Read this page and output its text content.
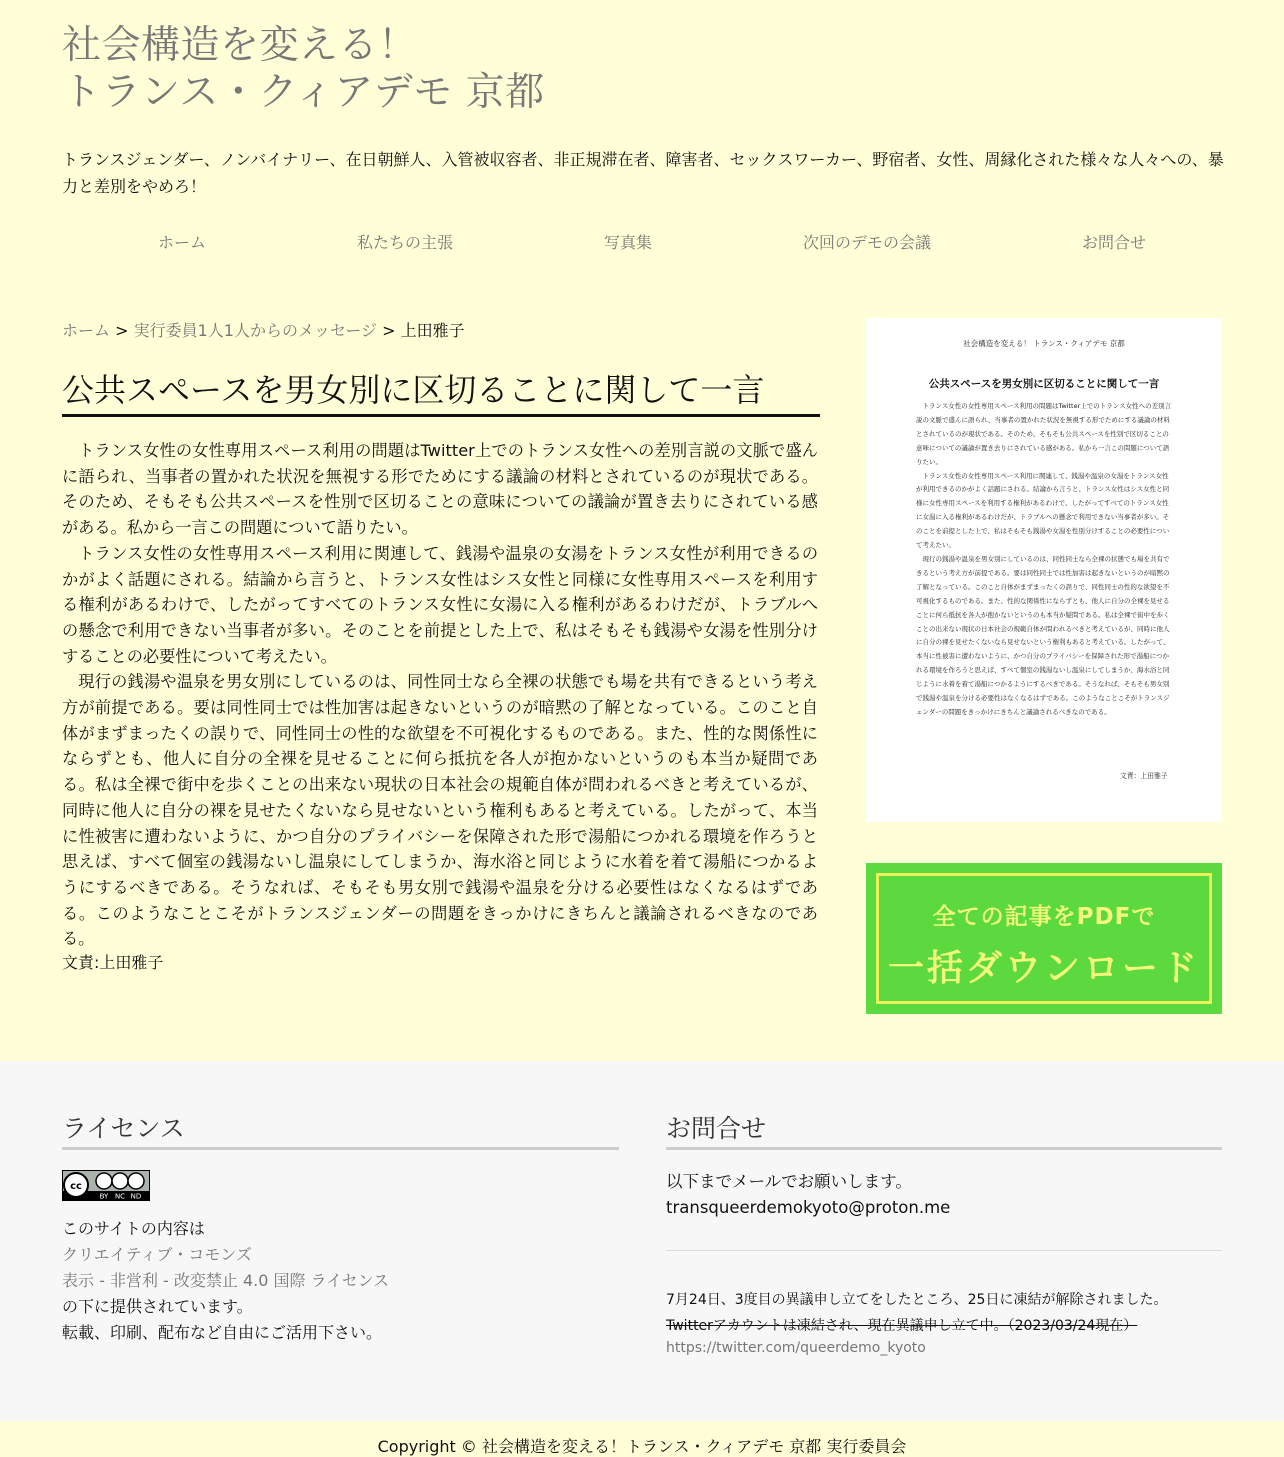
社会構造を変える！
トランス・クィアデモ 京都
トランスジェンダー、ノンバイナリー、在日朝鮮人、入管被収容者、非正規滞在者、障害者、セックスワーカー、野宿者、女性、周縁化された様々な人々への、暴力と差別をやめろ！
ホーム	私たちの主張	写真集	次回のデモの会議	お問合せ
ホーム > 実行委員1人1人からのメッセージ > 上田雅子
公共スペースを男女別に区切ることに関して一言

トランス女性の女性専用スペース利用の問題はTwitter上でのトランス女性への差別言説の文脈で盛んに語られ、当事者の置かれた状況を無視する形でためにする議論の材料とされているのが現状である。そのため、そもそも公共スペースを性別で区切ることの意味についての議論が置き去りにされている感がある。私から一言この問題について語りたい。

トランス女性の女性専用スペース利用に関連して、銭湯や温泉の女湯をトランス女性が利用できるのかがよく話題にされる。結論から言うと、トランス女性はシス女性と同様に女性専用スペースを利用する権利があるわけで、したがってすべてのトランス女性に女湯に入る権利があるわけだが、トラブルへの懸念で利用できない当事者が多い。そのことを前提とした上で、私はそもそも銭湯や女湯を性別分けすることの必要性について考えたい。

現行の銭湯や温泉を男女別にしているのは、同性同士なら全裸の状態でも場を共有できるという考え方が前提である。要は同性同士では性加害は起きないというのが暗黙の了解となっている。このこと自体がまずまったくの誤りで、同性同士の性的な欲望を不可視化するものである。また、性的な関係性にならずとも、他人に自分の全裸を見せることに何ら抵抗を各人が抱かないというのも本当か疑問である。私は全裸で街中を歩くことの出来ない現状の日本社会の規範自体が問われるべきと考えているが、同時に他人に自分の裸を見せたくないなら見せないという権利もあると考えている。したがって、本当に性被害に遭わないように、かつ自分のプライバシーを保障された形で湯船につかれる環境を作ろうと思えば、すべて個室の銭湯ないし温泉にしてしまうか、海水浴と同じように水着を着て湯船につかるようにするべきである。そうなれば、そもそも男女別で銭湯や温泉を分ける必要性はなくなるはずである。このようなことこそがトランスジェンダーの問題をきっかけにきちんと議論されるべきなのである。

文責:上田雅子
社会構造を変える！ トランス・クィアデモ 京都
公共スペースを男女別に区切ることに関して一言

トランス女性の女性専用スペース利用の問題はTwitter上でのトランス女性への差別言説の文脈で盛んに語られ、当事者の置かれた状況を無視する形でためにする議論の材料とされているのが現状である。そのため、そもそも公共スペースを性別で区切ることの意味についての議論が置き去りにされている感がある。私から一言この問題について語りたい。

トランス女性の女性専用スペース利用に関連して、銭湯や温泉の女湯をトランス女性が利用できるのかがよく話題にされる。結論から言うと、トランス女性はシス女性と同様に女性専用スペースを利用する権利があるわけで、したがってすべてのトランス女性に女湯に入る権利があるわけだが、トラブルへの懸念で利用できない当事者が多い。そのことを前提とした上で、私はそもそも銭湯や女湯を性別分けすることの必要性について考えたい。

現行の銭湯や温泉を男女別にしているのは、同性同士なら全裸の状態でも場を共有できるという考え方が前提である。要は同性同士では性加害は起きないというのが暗黙の了解となっている。このこと自体がまずまったくの誤りで、同性同士の性的な欲望を不可視化するものである。また、性的な関係性にならずとも、他人に自分の全裸を見せることに何ら抵抗を各人が抱かないというのも本当か疑問である。私は全裸で街中を歩くことの出来ない現状の日本社会の規範自体が問われるべきと考えているが、同時に他人に自分の裸を見せたくないなら見せないという権利もあると考えている。したがって、本当に性被害に遭わないように、かつ自分のプライバシーを保障された形で湯船につかれる環境を作ろうと思えば、すべて個室の銭湯ないし温泉にしてしまうか、海水浴と同じように水着を着て湯船につかるようにするべきである。そうなれば、そもそも男女別で銭湯や温泉を分ける必要性はなくなるはずである。このようなことこそがトランスジェンダーの問題をきっかけにきちんと議論されるべきなのである。

文責：上田雅子
全ての記事をPDFで
一括ダウンロード
ライセンス
cc
BY NC ND
このサイトの内容は
クリエイティブ・コモンズ
表示 - 非営利 - 改変禁止 4.0 国際 ライセンス
の下に提供されています。
転載、印刷、配布など自由にご活用下さい。
お問合せ
以下までメールでお願いします。
transqueerdemokyoto@proton.me
7月24日、3度目の異議申し立てをしたところ、25日に凍結が解除されました。
Twitterアカウントは凍結され、現在異議申し立て中。（2023/03/24現在）
https://twitter.com/queerdemo_kyoto
Copyright © 社会構造を変える！トランス・クィアデモ 京都 実行委員会
